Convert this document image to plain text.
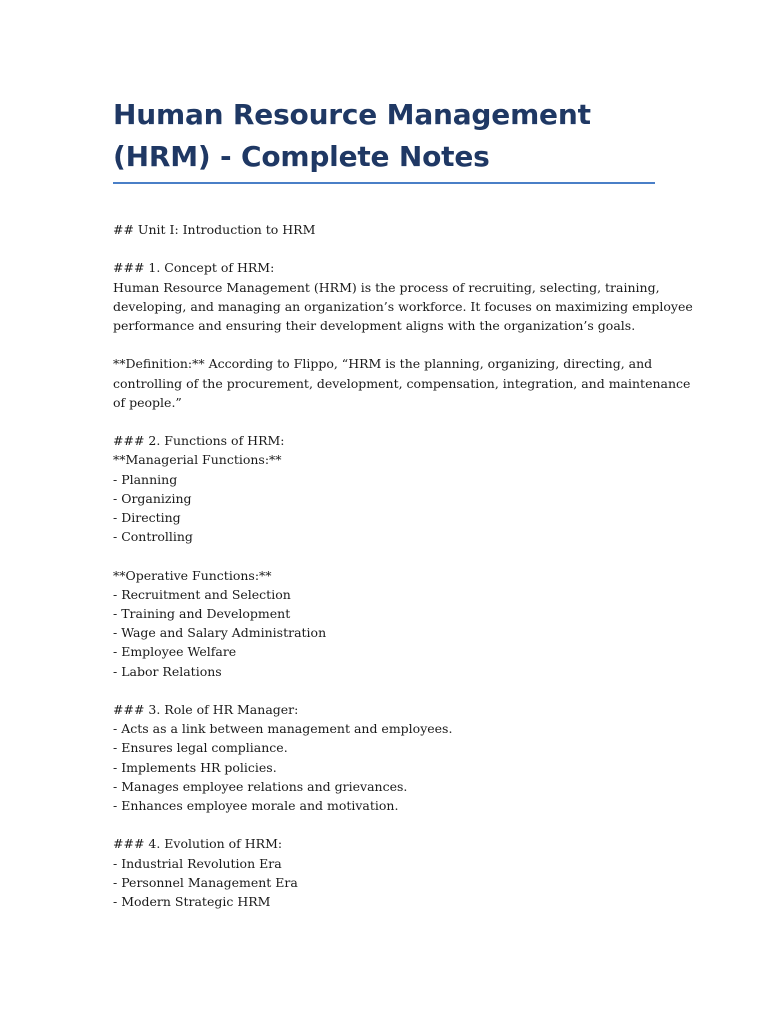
Human Resource Management (HRM) - Complete Notes

## Unit I: Introduction to HRM

### 1. Concept of HRM:

Human Resource Management (HRM) is the process of recruiting, selecting, training,

developing, and managing an organization’s workforce. It focuses on maximizing employee

performance and ensuring their development aligns with the organization’s goals.

**Definition:** According to Flippo, “HRM is the planning, organizing, directing, and

controlling of the procurement, development, compensation, integration, and maintenance

of people.”

### 2. Functions of HRM:

**Managerial Functions:**

- Planning

- Organizing

- Directing

- Controlling

**Operative Functions:**

- Recruitment and Selection

- Training and Development

- Wage and Salary Administration

- Employee Welfare

- Labor Relations

### 3. Role of HR Manager:

- Acts as a link between management and employees.

- Ensures legal compliance.

- Implements HR policies.

- Manages employee relations and grievances.

- Enhances employee morale and motivation.

### 4. Evolution of HRM:

- Industrial Revolution Era

- Personnel Management Era

- Modern Strategic HRM
